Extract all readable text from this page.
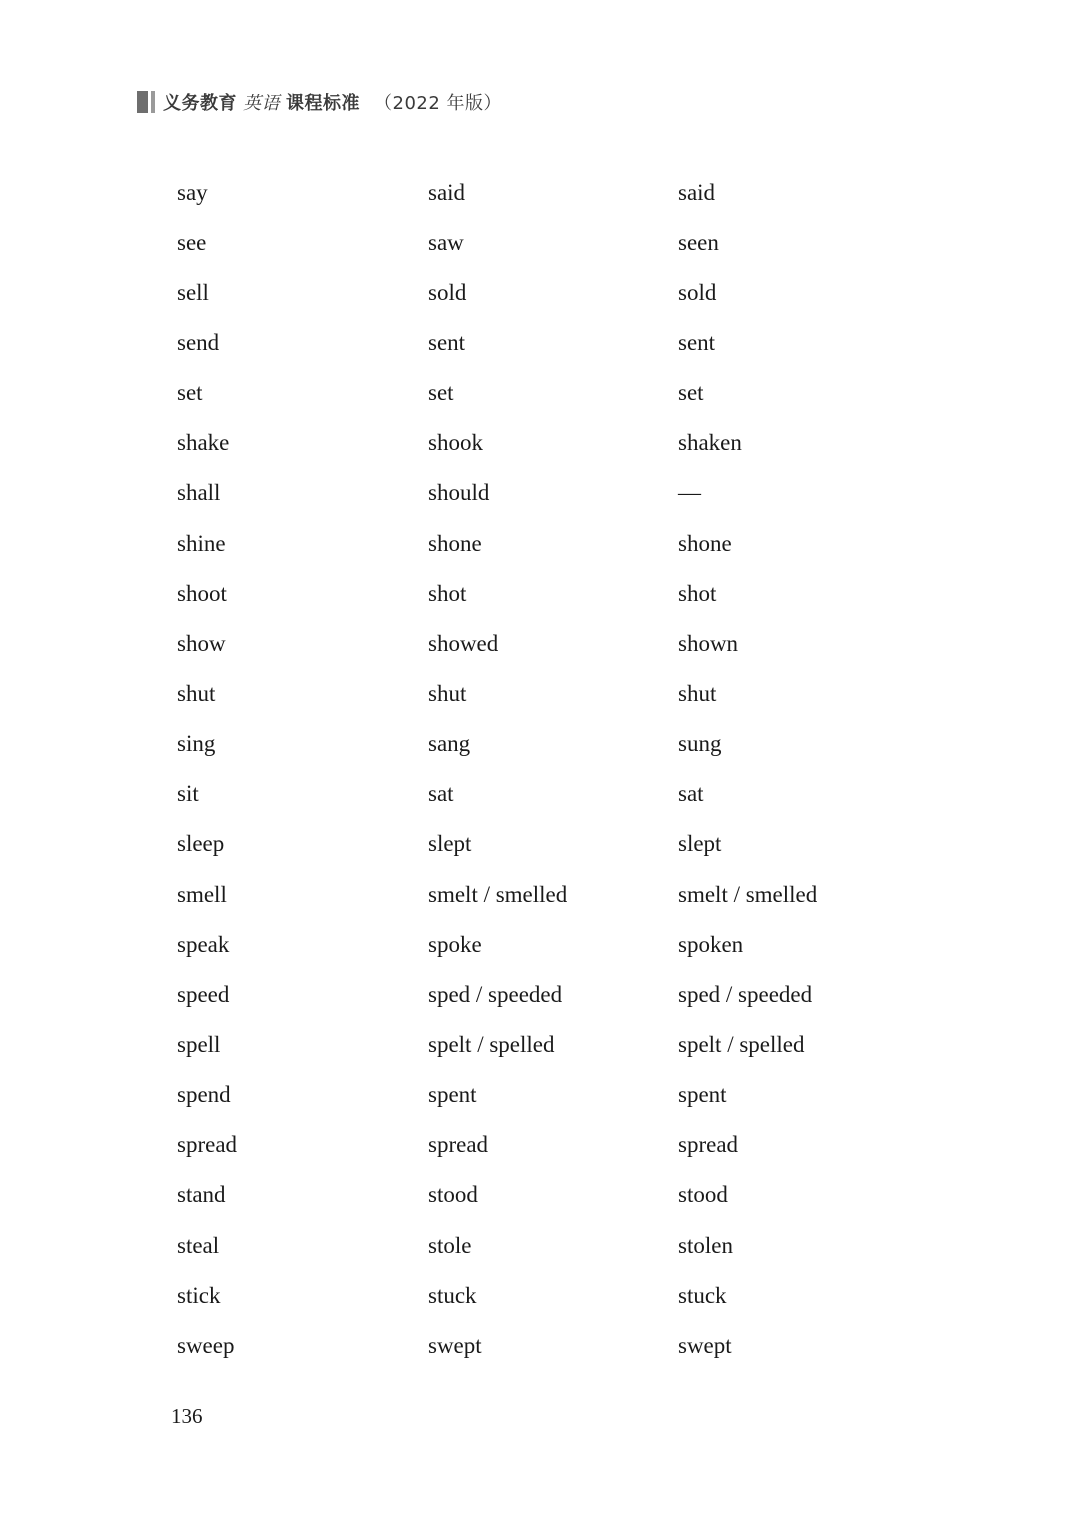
义务教育 英语 课程标准 （2022 年版）
say	said	said
see	saw	seen
sell	sold	sold
send	sent	sent
set	set	set
shake	shook	shaken
shall	should	—
shine	shone	shone
shoot	shot	shot
show	showed	shown
shut	shut	shut
sing	sang	sung
sit	sat	sat
sleep	slept	slept
smell	smelt / smelled	smelt / smelled
speak	spoke	spoken
speed	sped / speeded	sped / speeded
spell	spelt / spelled	spelt / spelled
spend	spent	spent
spread	spread	spread
stand	stood	stood
steal	stole	stolen
stick	stuck	stuck
sweep	swept	swept
136
